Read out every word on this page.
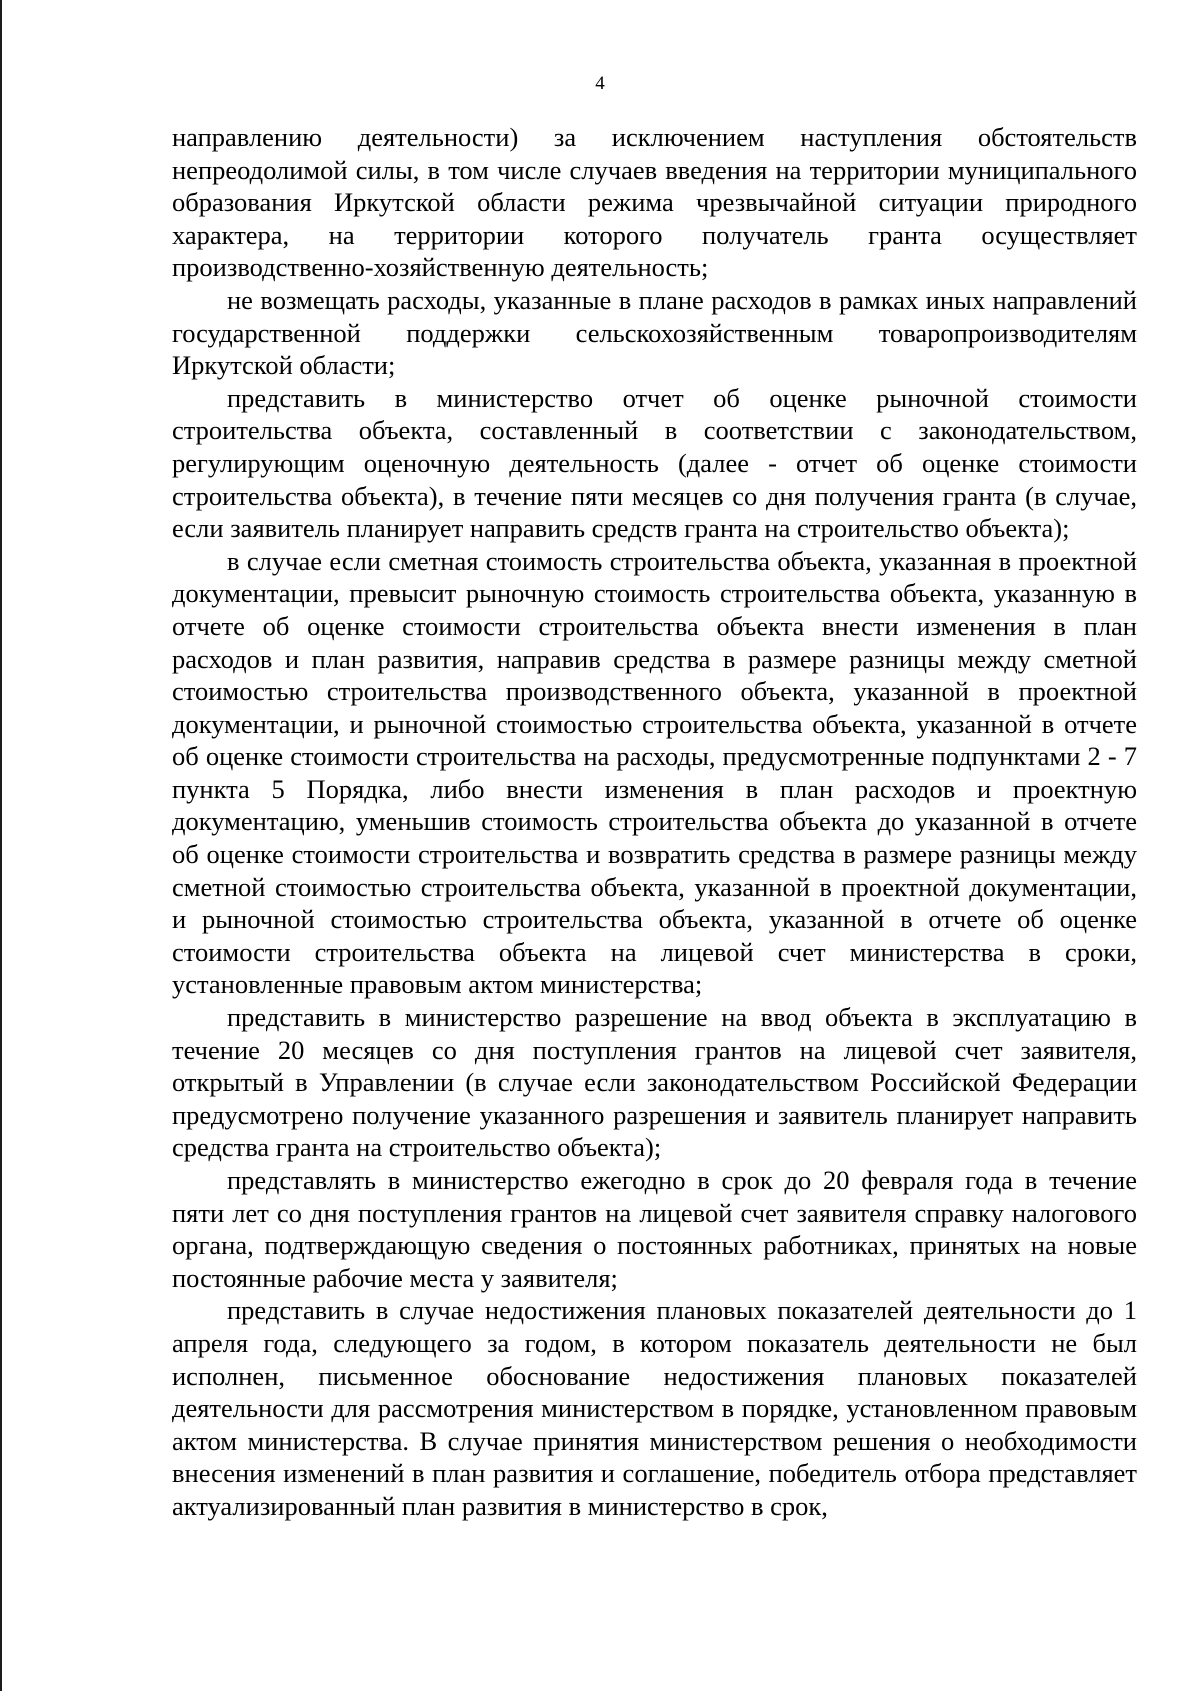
4

направлению деятельности) за исключением наступления обстоятельств непреодолимой силы, в том числе случаев введения на территории муниципального образования Иркутской области режима чрезвычайной ситуации природного характера, на территории которого получатель гранта осуществляет производственно-хозяйственную деятельность;

не возмещать расходы, указанные в плане расходов в рамках иных направлений государственной поддержки сельскохозяйственным товаропроизводителям Иркутской области;

представить в министерство отчет об оценке рыночной стоимости строительства объекта, составленный в соответствии с законодательством, регулирующим оценочную деятельность (далее - отчет об оценке стоимости строительства объекта), в течение пяти месяцев со дня получения гранта (в случае, если заявитель планирует направить средств гранта на строительство объекта);

в случае если сметная стоимость строительства объекта, указанная в проектной документации, превысит рыночную стоимость строительства объекта, указанную в отчете об оценке стоимости строительства объекта внести изменения в план расходов и план развития, направив средства в размере разницы между сметной стоимостью строительства производственного объекта, указанной в проектной документации, и рыночной стоимостью строительства объекта, указанной в отчете об оценке стоимости строительства на расходы, предусмотренные подпунктами 2 - 7 пункта 5 Порядка, либо внести изменения в план расходов и проектную документацию, уменьшив стоимость строительства объекта до указанной в отчете об оценке стоимости строительства и возвратить средства в размере разницы между сметной стоимостью строительства объекта, указанной в проектной документации, и рыночной стоимостью строительства объекта, указанной в отчете об оценке стоимости строительства объекта на лицевой счет министерства в сроки, установленные правовым актом министерства;

представить в министерство разрешение на ввод объекта в эксплуатацию в течение 20 месяцев со дня поступления грантов на лицевой счет заявителя, открытый в Управлении (в случае если законодательством Российской Федерации предусмотрено получение указанного разрешения и заявитель планирует направить средства гранта на строительство объекта);

представлять в министерство ежегодно в срок до 20 февраля года в течение пяти лет со дня поступления грантов на лицевой счет заявителя справку налогового органа, подтверждающую сведения о постоянных работниках, принятых на новые постоянные рабочие места у заявителя;

представить в случае недостижения плановых показателей деятельности до 1 апреля года, следующего за годом, в котором показатель деятельности не был исполнен, письменное обоснование недостижения плановых показателей деятельности для рассмотрения министерством в порядке, установленном правовым актом министерства. В случае принятия министерством решения о необходимости внесения изменений в план развития и соглашение, победитель отбора представляет актуализированный план развития в министерство в срок,
